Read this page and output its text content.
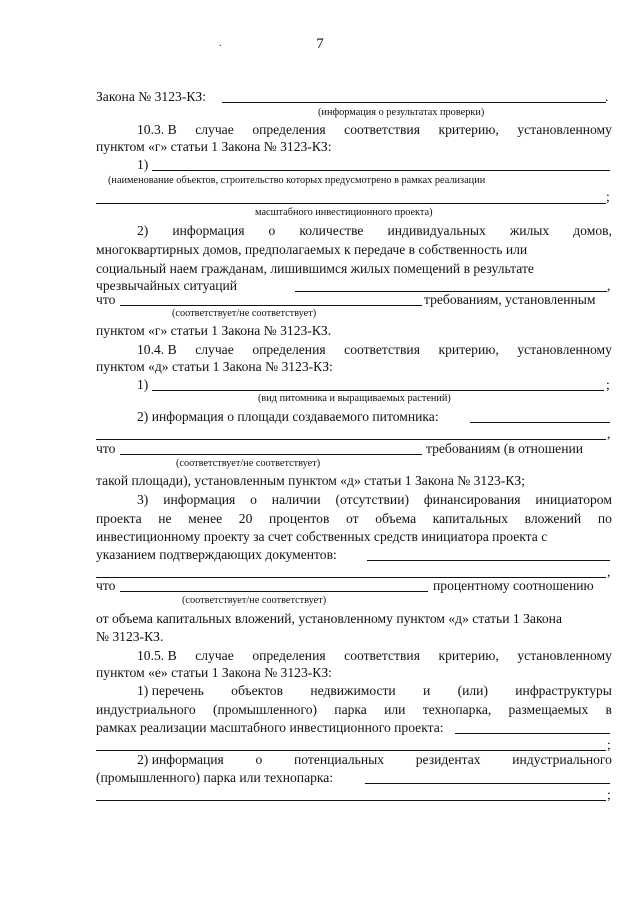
7
.
Закона № 3123-КЗ:	.
(информация о результатах проверки)
10.3. В случае определения соответствия критерию, установленному
пунктом «г» статьи 1 Закона № 3123-КЗ:
1)
(наименование объектов, строительство которых предусмотрено в рамках реализации
;
масштабного инвестиционного проекта)
2) информация о количестве индивидуальных жилых домов,
многоквартирных домов, предполагаемых к передаче в собственность или
социальный наем гражданам, лишившимся жилых помещений в результате
чрезвычайных ситуаций	,
что	требованиям, установленным
(соответствует/не соответствует)
пунктом «г» статьи 1 Закона № 3123-КЗ.
10.4. В случае определения соответствия критерию, установленному
пунктом «д» статьи 1 Закона № 3123-КЗ:
1)	;
(вид питомника и выращиваемых растений)
2) информация о площади создаваемого питомника:
,
что	требованиям (в отношении
(соответствует/не соответствует)
такой площади), установленным пунктом «д» статьи 1 Закона № 3123-КЗ;
3) информация о наличии (отсутствии) финансирования инициатором
проекта не менее 20 процентов от объема капитальных вложений по
инвестиционному проекту за счет собственных средств инициатора проекта с
указанием подтверждающих документов:
,
что	процентному соотношению
(соответствует/не соответствует)
от объема капитальных вложений, установленному пунктом «д» статьи 1 Закона
№ 3123-КЗ.
10.5. В случае определения соответствия критерию, установленному
пунктом «е» статьи 1 Закона № 3123-КЗ:
1) перечень объектов недвижимости и (или) инфраструктуры
индустриального (промышленного) парка или технопарка, размещаемых в
рамках реализации масштабного инвестиционного проекта:
;
2) информация о потенциальных резидентах индустриального
(промышленного) парка или технопарка:
;
